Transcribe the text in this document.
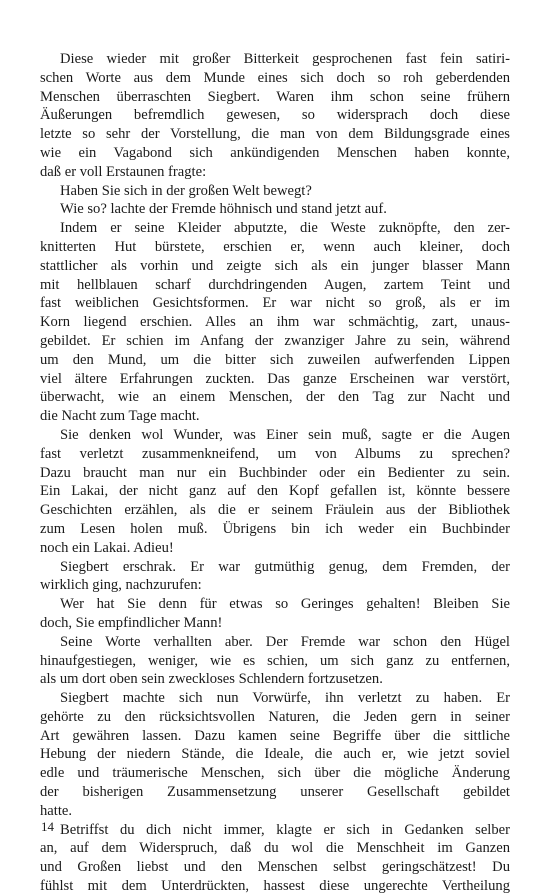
Diese wieder mit großer Bitterkeit gesprochenen fast fein satiri-
schen Worte aus dem Munde eines sich doch so roh geberdenden
Menschen überraschten Siegbert. Waren ihm schon seine frühern
Äußerungen befremdlich gewesen, so widersprach doch diese
letzte so sehr der Vorstellung, die man von dem Bildungsgrade eines
wie ein Vagabond sich ankündigenden Menschen haben konnte,
daß er voll Erstaunen fragte:
Haben Sie sich in der großen Welt bewegt?
Wie so? lachte der Fremde höhnisch und stand jetzt auf.
Indem er seine Kleider abputzte, die Weste zuknöpfte, den zer-
knitterten Hut bürstete, erschien er, wenn auch kleiner, doch
stattlicher als vorhin und zeigte sich als ein junger blasser Mann
mit hellblauen scharf durchdringenden Augen, zartem Teint und
fast weiblichen Gesichtsformen. Er war nicht so groß, als er im
Korn liegend erschien. Alles an ihm war schmächtig, zart, unaus-
gebildet. Er schien im Anfang der zwanziger Jahre zu sein, während
um den Mund, um die bitter sich zuweilen aufwerfenden Lippen
viel ältere Erfahrungen zuckten. Das ganze Erscheinen war verstört,
überwacht, wie an einem Menschen, der den Tag zur Nacht und
die Nacht zum Tage macht.
Sie denken wol Wunder, was Einer sein muß, sagte er die Augen
fast verletzt zusammenkneifend, um von Albums zu sprechen?
Dazu braucht man nur ein Buchbinder oder ein Bedienter zu sein.
Ein Lakai, der nicht ganz auf den Kopf gefallen ist, könnte bessere
Geschichten erzählen, als die er seinem Fräulein aus der Bibliothek
zum Lesen holen muß. Übrigens bin ich weder ein Buchbinder
noch ein Lakai. Adieu!
Siegbert erschrak. Er war gutmüthig genug, dem Fremden, der
wirklich ging, nachzurufen:
Wer hat Sie denn für etwas so Geringes gehalten! Bleiben Sie
doch, Sie empfindlicher Mann!
Seine Worte verhallten aber. Der Fremde war schon den Hügel
hinaufgestiegen, weniger, wie es schien, um sich ganz zu entfernen,
als um dort oben sein zweckloses Schlendern fortzusetzen.
Siegbert machte sich nun Vorwürfe, ihn verletzt zu haben. Er
gehörte zu den rücksichtsvollen Naturen, die Jeden gern in seiner
Art gewähren lassen. Dazu kamen seine Begriffe über die sittliche
Hebung der niedern Stände, die Ideale, die auch er, wie jetzt soviel
edle und träumerische Menschen, sich über die mögliche Änderung
der bisherigen Zusammensetzung unserer Gesellschaft gebildet
hatte.
Betriffst du dich nicht immer, klagte er sich in Gedanken selber
an, auf dem Widerspruch, daß du wol die Menschheit im Ganzen
und Großen liebst und den Menschen selbst geringschätzest! Du
fühlst mit dem Unterdrückten, hassest diese ungerechte Vertheilung
14
